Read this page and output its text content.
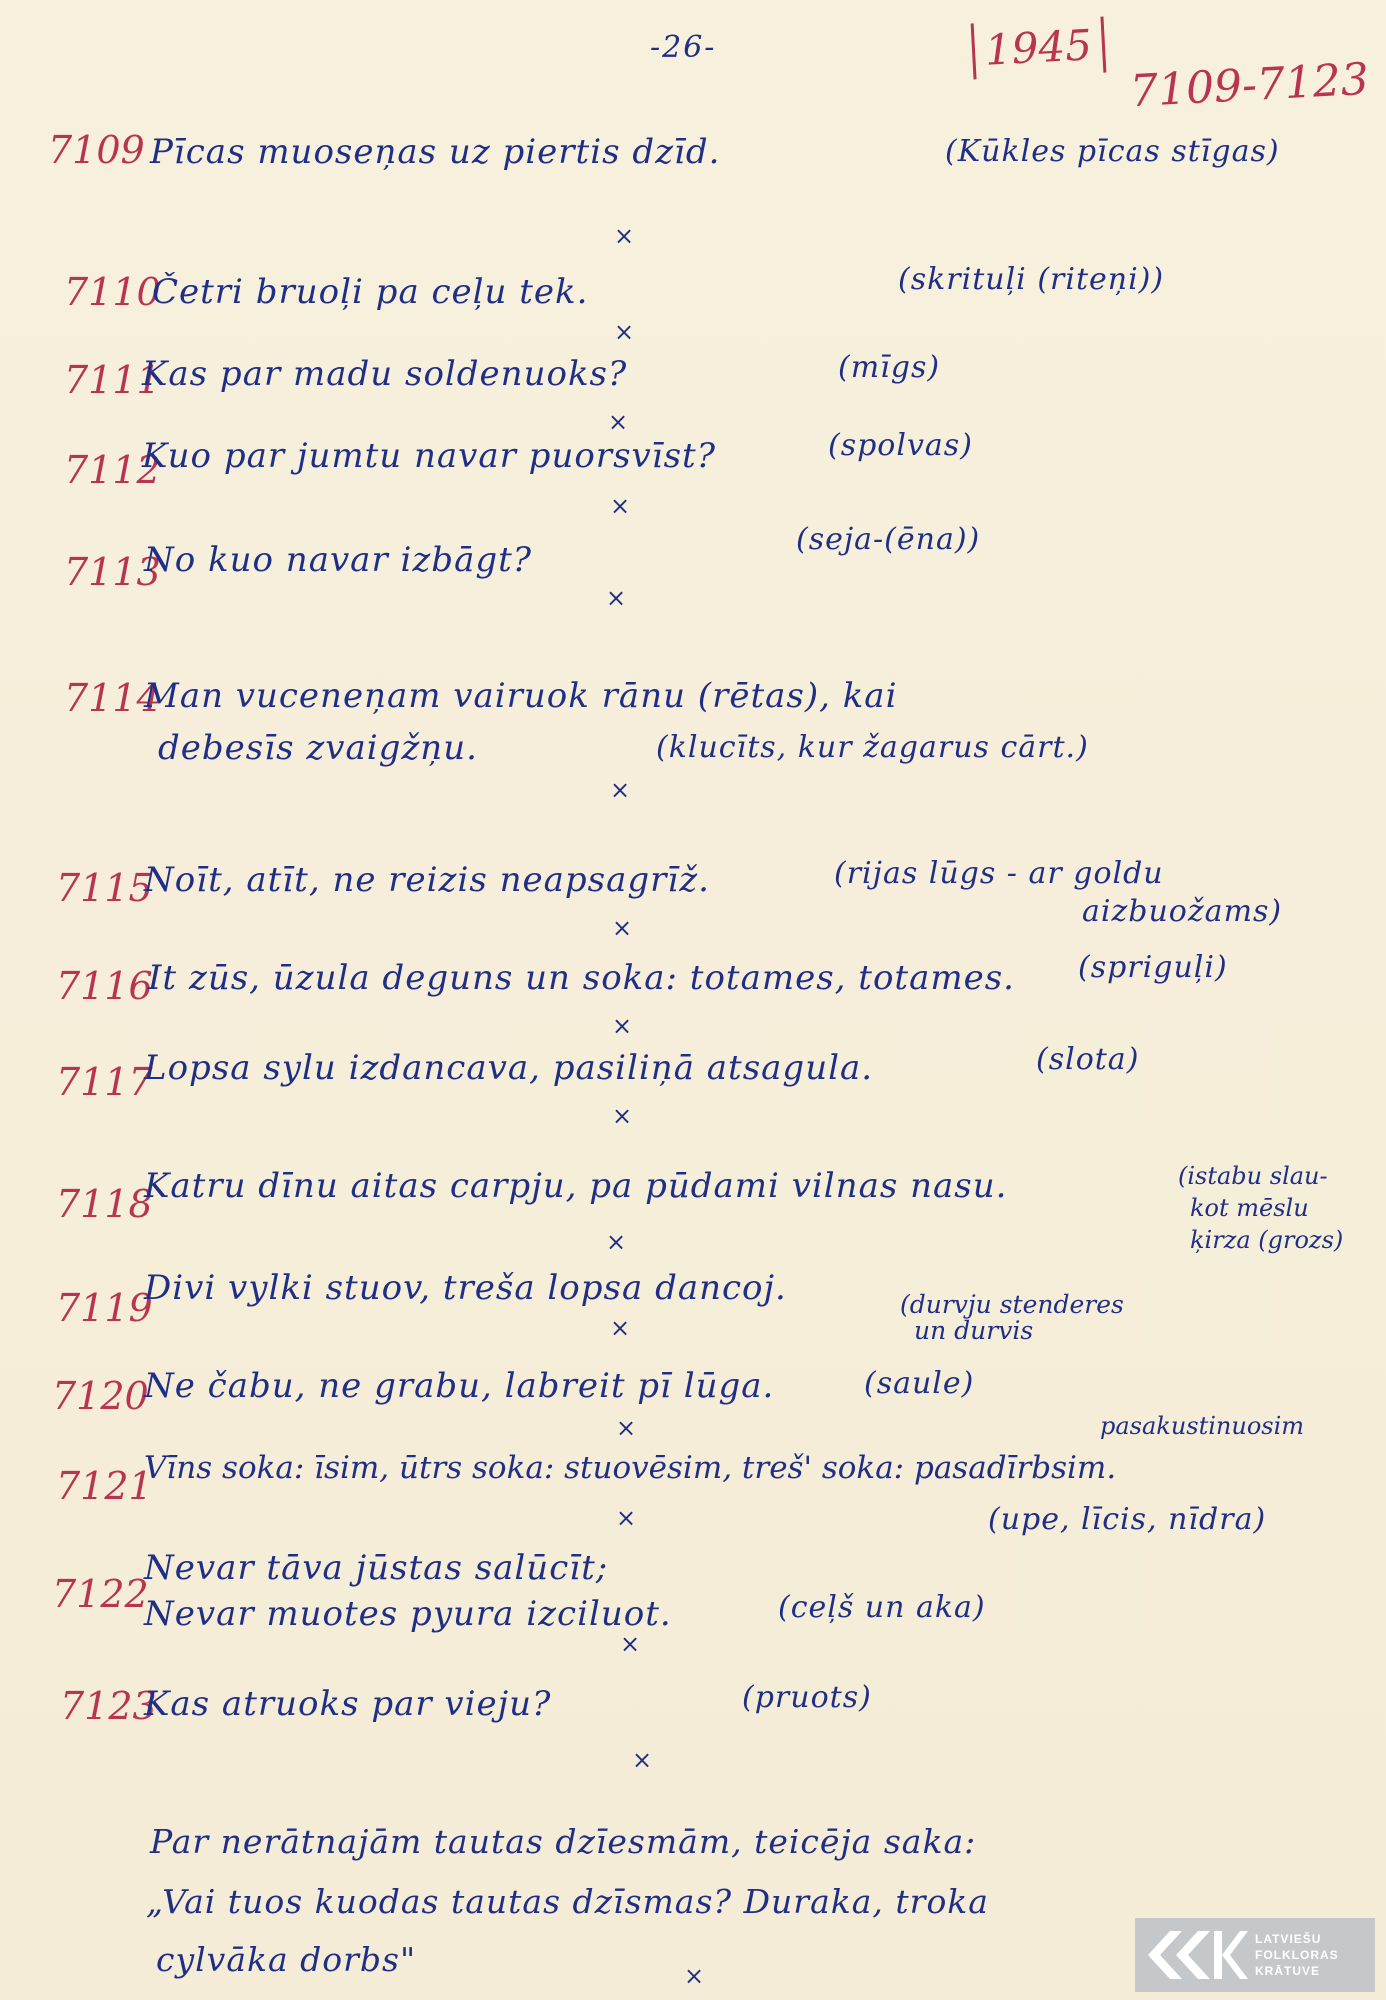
-26-	1945
7109-7123
7109 Pīcas muoseņas uz piertis dzīd.	(Kūkles pīcas stīgas)
×
7110
Četri bruoļi pa ceļu tek.	(skrituļi (riteņi))
×
7111
Kas par madu soldenuoks?	(mīgs)
×
7112
Kuo par jumtu navar puorsvīst?	(spolvas)
×
7113
No kuo navar izbāgt?
(seja-(ēna))
×
7114
Man vuceneņam vairuok rānu (rētas), kai
debesīs zvaigžņu.	(klucīts, kur žagarus cārt.)
×
7115
Noīt, atīt, ne reizis neapsagrīž.	(rijas lūgs - ar goldu
aizbuožams)
×
7116
It zūs, ūzula deguns un soka: totames, totames. (spriguļi)
×
7117
Lopsa sylu izdancava, pasiliņā atsagula.	(slota)
×
7118
Katru dīnu aitas carpju, pa pūdami vilnas nasu.	(istabu slau-
kot mēslu
ķirza (grozs)
×
7119
Divi vylki stuov, treša lopsa dancoj.	(durvju stenderes
un durvis
×
7120
Ne čabu, ne grabu, labreit pī lūga.	(saule)
×
7121
pasakustinuosim
Vīns soka: īsim, ūtrs soka: stuovēsim, treš' soka: pasadīrbsim.
×	(upe, līcis, nīdra)
7122
Nevar tāva jūstas salūcīt;
Nevar muotes pyura izciluot.	(ceļš un aka)
×
7123
Kas atruoks par vieju?	(pruots)
×
Par nerātnajām tautas dzīesmām, teicēja saka:
„Vai tuos kuodas tautas dzīsmas? Duraka, troka
cylvāka dorbs"	×
LATVIEŠU
FOLKLORAS
KRĀTUVE
